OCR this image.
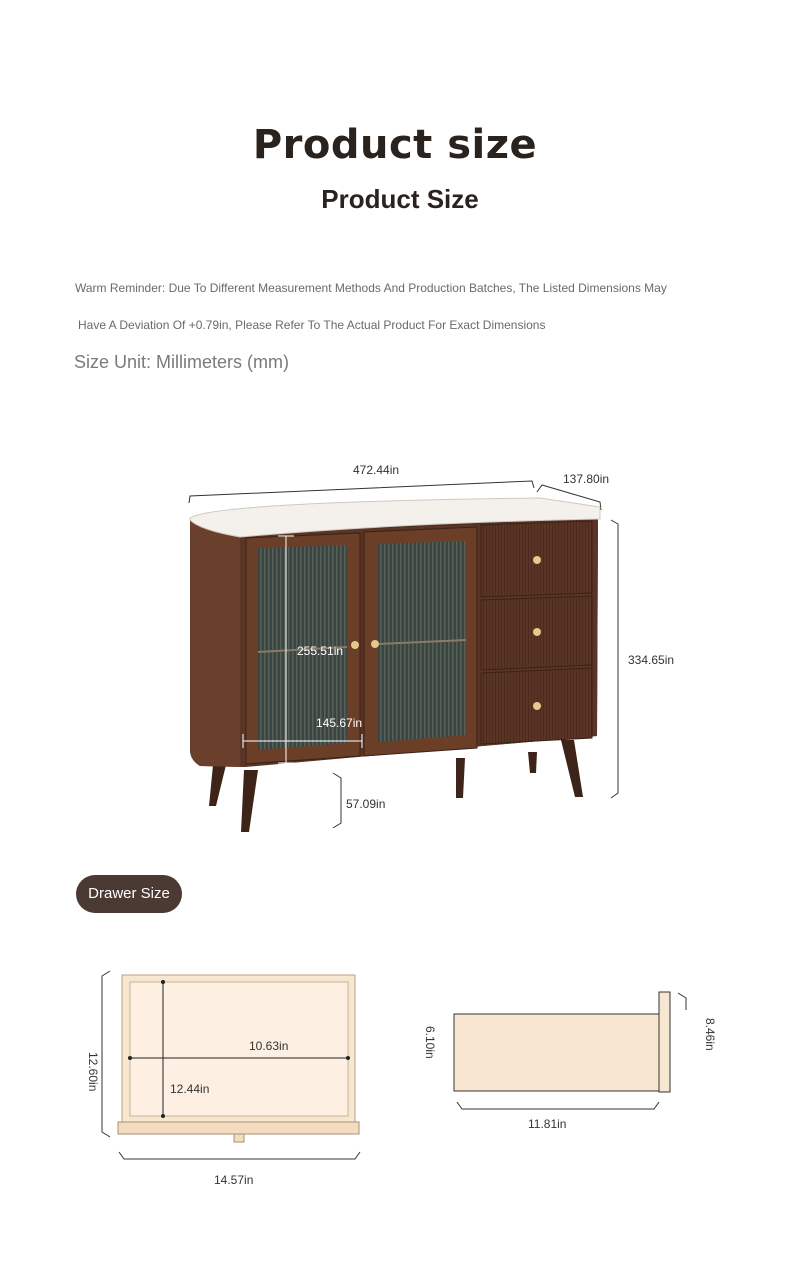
Product size
Product Size
Warm Reminder: Due To Different Measurement Methods And Production Batches, The Listed Dimensions May
Have A Deviation Of +0.79in, Please Refer To The Actual Product For Exact Dimensions
Size Unit: Millimeters (mm)
472.44in
137.80in
334.65in
255.51in
145.67in
57.09in
Drawer Size
12.60in
10.63in
12.44in
14.57in
6.10in	8.46in
11.81in
